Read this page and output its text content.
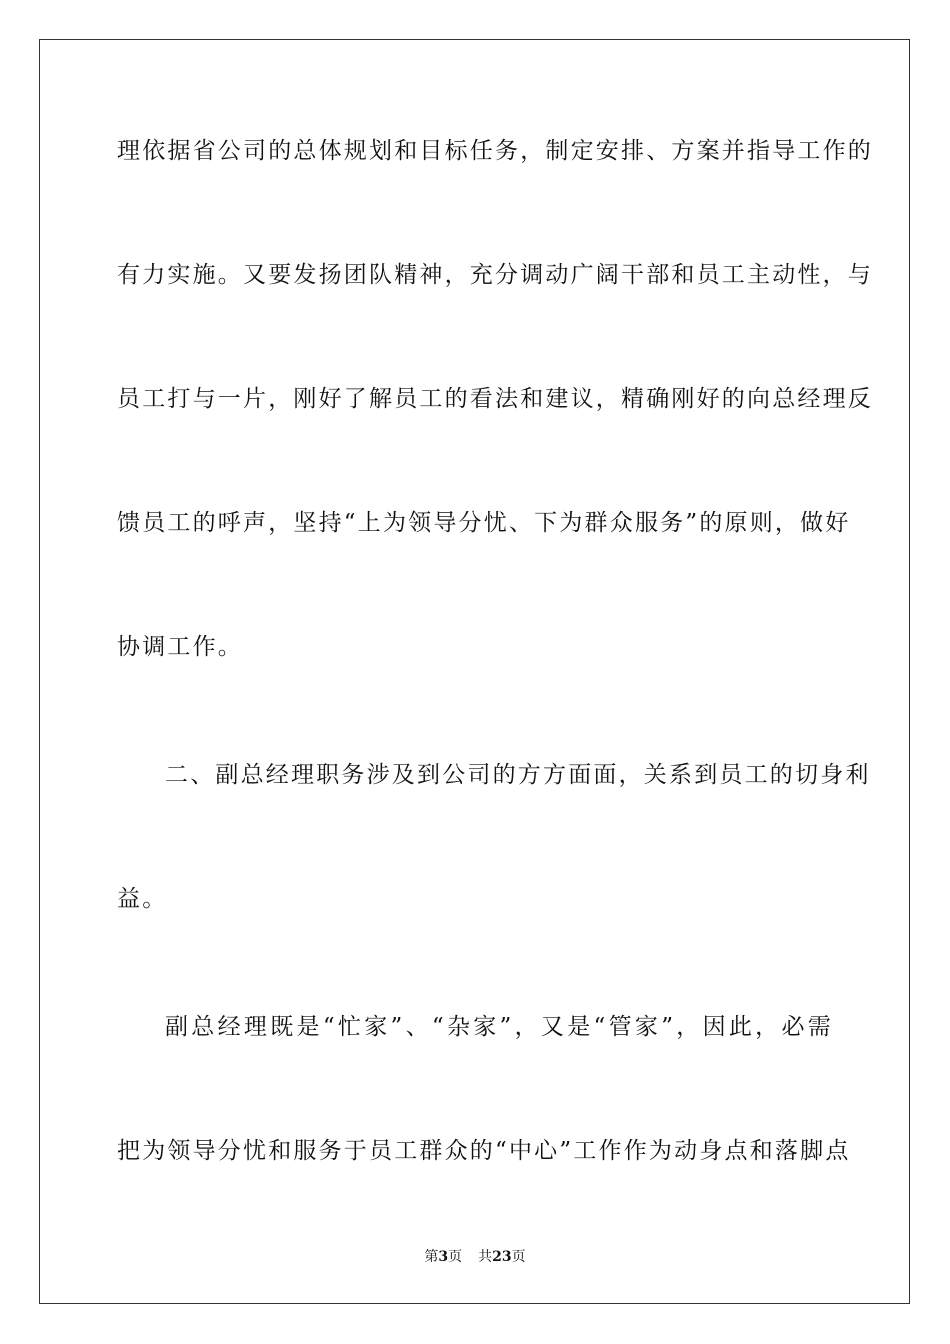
理依据省公司的总体规划和目标任务，制定安排、方案并指导工作的
有力实施。又要发扬团队精神，充分调动广阔干部和员工主动性，与
员工打与一片，刚好了解员工的看法和建议，精确刚好的向总经理反
馈员工的呼声，坚持“上为领导分忧、下为群众服务”的原则，做好
协调工作。
二、副总经理职务涉及到公司的方方面面，关系到员工的切身利
益。
副总经理既是“忙家”、“杂家”，又是“管家”，因此，必需
把为领导分忧和服务于员工群众的“中心”工作作为动身点和落脚点
第3页 共23页
